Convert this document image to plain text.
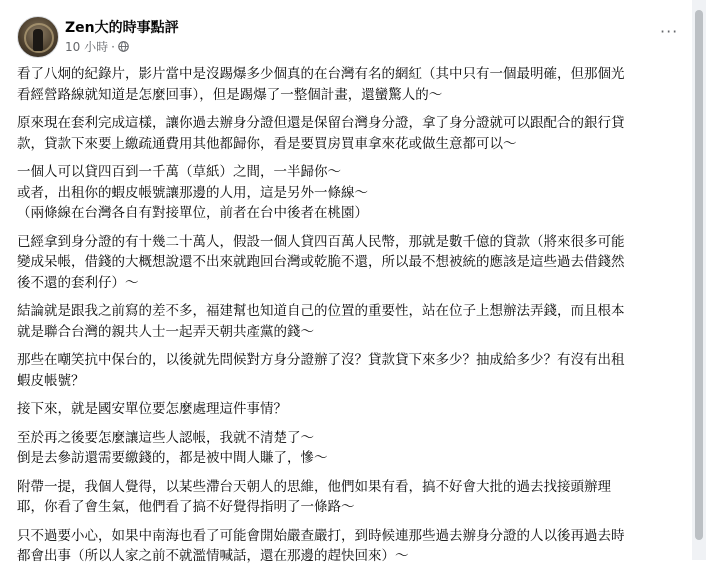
Zen大的時事點評
10 小時 ·
···
看了八炯的紀錄片，影片當中是沒踢爆多少個真的在台灣有名的網紅（其中只有一個最明確，但那個光
看經營路線就知道是怎麼回事），但是踢爆了一整個計畫，還蠻驚人的～
原來現在套利完成這樣，讓你過去辦身分證但還是保留台灣身分證，拿了身分證就可以跟配合的銀行貸
款，貸款下來要上繳疏通費用其他都歸你，看是要買房買車拿來花或做生意都可以～
一個人可以貸四百到一千萬（草紙）之間，一半歸你～
或者，出租你的蝦皮帳號讓那邊的人用，這是另外一條線～
（兩條線在台灣各自有對接單位，前者在台中後者在桃園）
已經拿到身分證的有十幾二十萬人，假設一個人貸四百萬人民幣，那就是數千億的貸款（將來很多可能
變成呆帳，借錢的大概想說還不出來就跑回台灣或乾脆不還，所以最不想被統的應該是這些過去借錢然
後不還的套利仔）～
結論就是跟我之前寫的差不多，福建幫也知道自己的位置的重要性，站在位子上想辦法弄錢，而且根本
就是聯合台灣的親共人士一起弄天朝共產黨的錢～
那些在嘲笑抗中保台的，以後就先問候對方身分證辦了沒？貸款貸下來多少？抽成給多少？有沒有出租
蝦皮帳號？
接下來，就是國安單位要怎麼處理這件事情？
至於再之後要怎麼讓這些人認帳，我就不清楚了～
倒是去參訪還需要繳錢的，都是被中間人賺了，慘～
附帶一提，我個人覺得，以某些滯台天朝人的思維，他們如果有看，搞不好會大批的過去找接頭辦理
耶，你看了會生氣，他們看了搞不好覺得指明了一條路～
只不過要小心，如果中南海也看了可能會開始嚴查嚴打，到時候連那些過去辦身分證的人以後再過去時
都會出事（所以人家之前不就濫情喊話，還在那邊的趕快回來）～
